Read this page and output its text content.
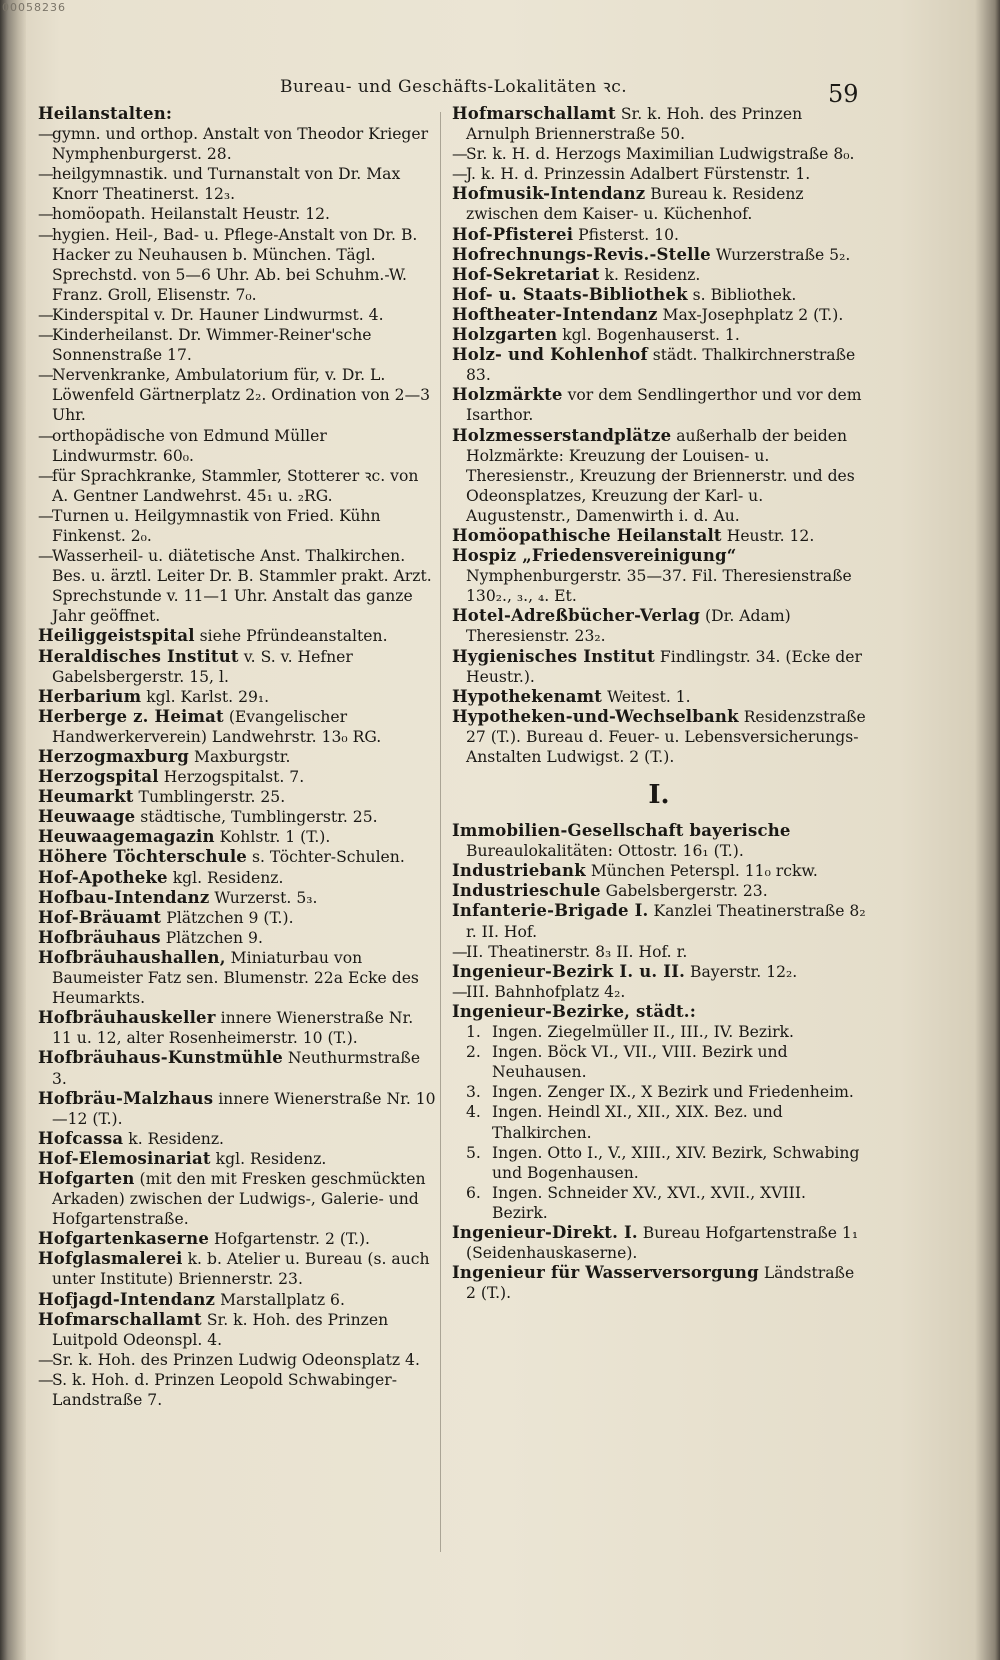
00058236
Bureau- und Geschäfts-Lokalitäten ꝛc.	59

Heilanstalten:

—gymn. und orthop. Anstalt von Theodor Krieger Nymphenburgerst. 28.

—heilgymnastik. und Turnanstalt von Dr. Max Knorr Theatinerst. 12₃.

—homöopath. Heilanstalt Heustr. 12.

—hygien. Heil-, Bad- u. Pflege-Anstalt von Dr. B. Hacker zu Neuhausen b. München. Tägl. Sprechstd. von 5—6 Uhr. Ab. bei Schuhm.-W. Franz. Groll, Elisenstr. 7₀.

—Kinderspital v. Dr. Hauner Lindwurmst. 4.

—Kinderheilanst. Dr. Wimmer-Reiner'sche Sonnenstraße 17.

—Nervenkranke, Ambulatorium für, v. Dr. L. Löwenfeld Gärtnerplatz 2₂. Ordination von 2—3 Uhr.

—orthopädische von Edmund Müller Lindwurmstr. 60₀.

—für Sprachkranke, Stammler, Stotterer ꝛc. von A. Gentner Landwehrst. 45₁ u. ₂RG.

—Turnen u. Heilgymnastik von Fried. Kühn Finkenst. 2₀.

—Wasserheil- u. diätetische Anst. Thalkirchen. Bes. u. ärztl. Leiter Dr. B. Stammler prakt. Arzt. Sprechstunde v. 11—1 Uhr. Anstalt das ganze Jahr geöffnet.

Heiliggeistspital siehe Pfründeanstalten.

Heraldisches Institut v. S. v. Hefner Gabelsbergerstr. 15, l.

Herbarium kgl. Karlst. 29₁.

Herberge z. Heimat (Evangelischer Handwerkerverein) Landwehrstr. 13₀ RG.

Herzogmaxburg Maxburgstr.

Herzogspital Herzogspitalst. 7.

Heumarkt Tumblingerstr. 25.

Heuwaage städtische, Tumblingerstr. 25.

Heuwaagemagazin Kohlstr. 1 (T.).

Höhere Töchterschule s. Töchter-Schulen.

Hof-Apotheke kgl. Residenz.

Hofbau-Intendanz Wurzerst. 5₃.

Hof-Bräuamt Plätzchen 9 (T.).

Hofbräuhaus Plätzchen 9.

Hofbräuhaushallen, Miniaturbau von Baumeister Fatz sen. Blumenstr. 22a Ecke des Heumarkts.

Hofbräuhauskeller innere Wienerstraße Nr. 11 u. 12, alter Rosenheimerstr. 10 (T.).

Hofbräuhaus-Kunstmühle Neuthurmstraße 3.

Hofbräu-Malzhaus innere Wienerstraße Nr. 10—12 (T.).

Hofcassa k. Residenz.

Hof-Elemosinariat kgl. Residenz.

Hofgarten (mit den mit Fresken geschmückten Arkaden) zwischen der Ludwigs-, Galerie- und Hofgartenstraße.

Hofgartenkaserne Hofgartenstr. 2 (T.).

Hofglasmalerei k. b. Atelier u. Bureau (s. auch unter Institute) Briennerstr. 23.

Hofjagd-Intendanz Marstallplatz 6.

Hofmarschallamt Sr. k. Hoh. des Prinzen Luitpold Odeonspl. 4.

—Sr. k. Hoh. des Prinzen Ludwig Odeonsplatz 4.

—S. k. Hoh. d. Prinzen Leopold Schwabinger-Landstraße 7.

Hofmarschallamt Sr. k. Hoh. des Prinzen Arnulph Briennerstraße 50.

—Sr. k. H. d. Herzogs Maximilian Ludwigstraße 8₀.

—J. k. H. d. Prinzessin Adalbert Fürstenstr. 1.

Hofmusik-Intendanz Bureau k. Residenz zwischen dem Kaiser- u. Küchenhof.

Hof-Pfisterei Pfisterst. 10.

Hofrechnungs-Revis.-Stelle Wurzerstraße 5₂.

Hof-Sekretariat k. Residenz.

Hof- u. Staats-Bibliothek s. Bibliothek.

Hoftheater-Intendanz Max-Josephplatz 2 (T.).

Holzgarten kgl. Bogenhauserst. 1.

Holz- und Kohlenhof städt. Thalkirchnerstraße 83.

Holzmärkte vor dem Sendlingerthor und vor dem Isarthor.

Holzmesserstandplätze außerhalb der beiden Holzmärkte: Kreuzung der Louisen- u. Theresienstr., Kreuzung der Briennerstr. und des Odeonsplatzes, Kreuzung der Karl- u. Augustenstr., Damenwirth i. d. Au.

Homöopathische Heilanstalt Heustr. 12.

Hospiz „Friedensvereinigung“ Nymphenburgerstr. 35—37. Fil. Theresienstraße 130₂., ₃., ₄. Et.

Hotel-Adreßbücher-Verlag (Dr. Adam) Theresienstr. 23₂.

Hygienisches Institut Findlingstr. 34. (Ecke der Heustr.).

Hypothekenamt Weitest. 1.

Hypotheken-und-Wechselbank Residenzstraße 27 (T.). Bureau d. Feuer- u. Lebensversicherungs-Anstalten Ludwigst. 2 (T.).

I.

Immobilien-Gesellschaft bayerische Bureaulokalitäten: Ottostr. 16₁ (T.).

Industriebank München Peterspl. 11₀ rckw.

Industrieschule Gabelsbergerstr. 23.

Infanterie-Brigade I. Kanzlei Theatinerstraße 8₂ r. II. Hof.

—II. Theatinerstr. 8₃ II. Hof. r.

Ingenieur-Bezirk I. u. II. Bayerstr. 12₂.

—III. Bahnhofplatz 4₂.

Ingenieur-Bezirke, städt.:

1. Ingen. Ziegelmüller II., III., IV. Bezirk.

2. Ingen. Böck VI., VII., VIII. Bezirk und Neuhausen.

3. Ingen. Zenger IX., X Bezirk und Friedenheim.

4. Ingen. Heindl XI., XII., XIX. Bez. und Thalkirchen.

5. Ingen. Otto I., V., XIII., XIV. Bezirk, Schwabing und Bogenhausen.

6. Ingen. Schneider XV., XVI., XVII., XVIII. Bezirk.

Ingenieur-Direkt. I. Bureau Hofgartenstraße 1₁ (Seidenhauskaserne).

Ingenieur für Wasserversorgung Ländstraße 2 (T.).
